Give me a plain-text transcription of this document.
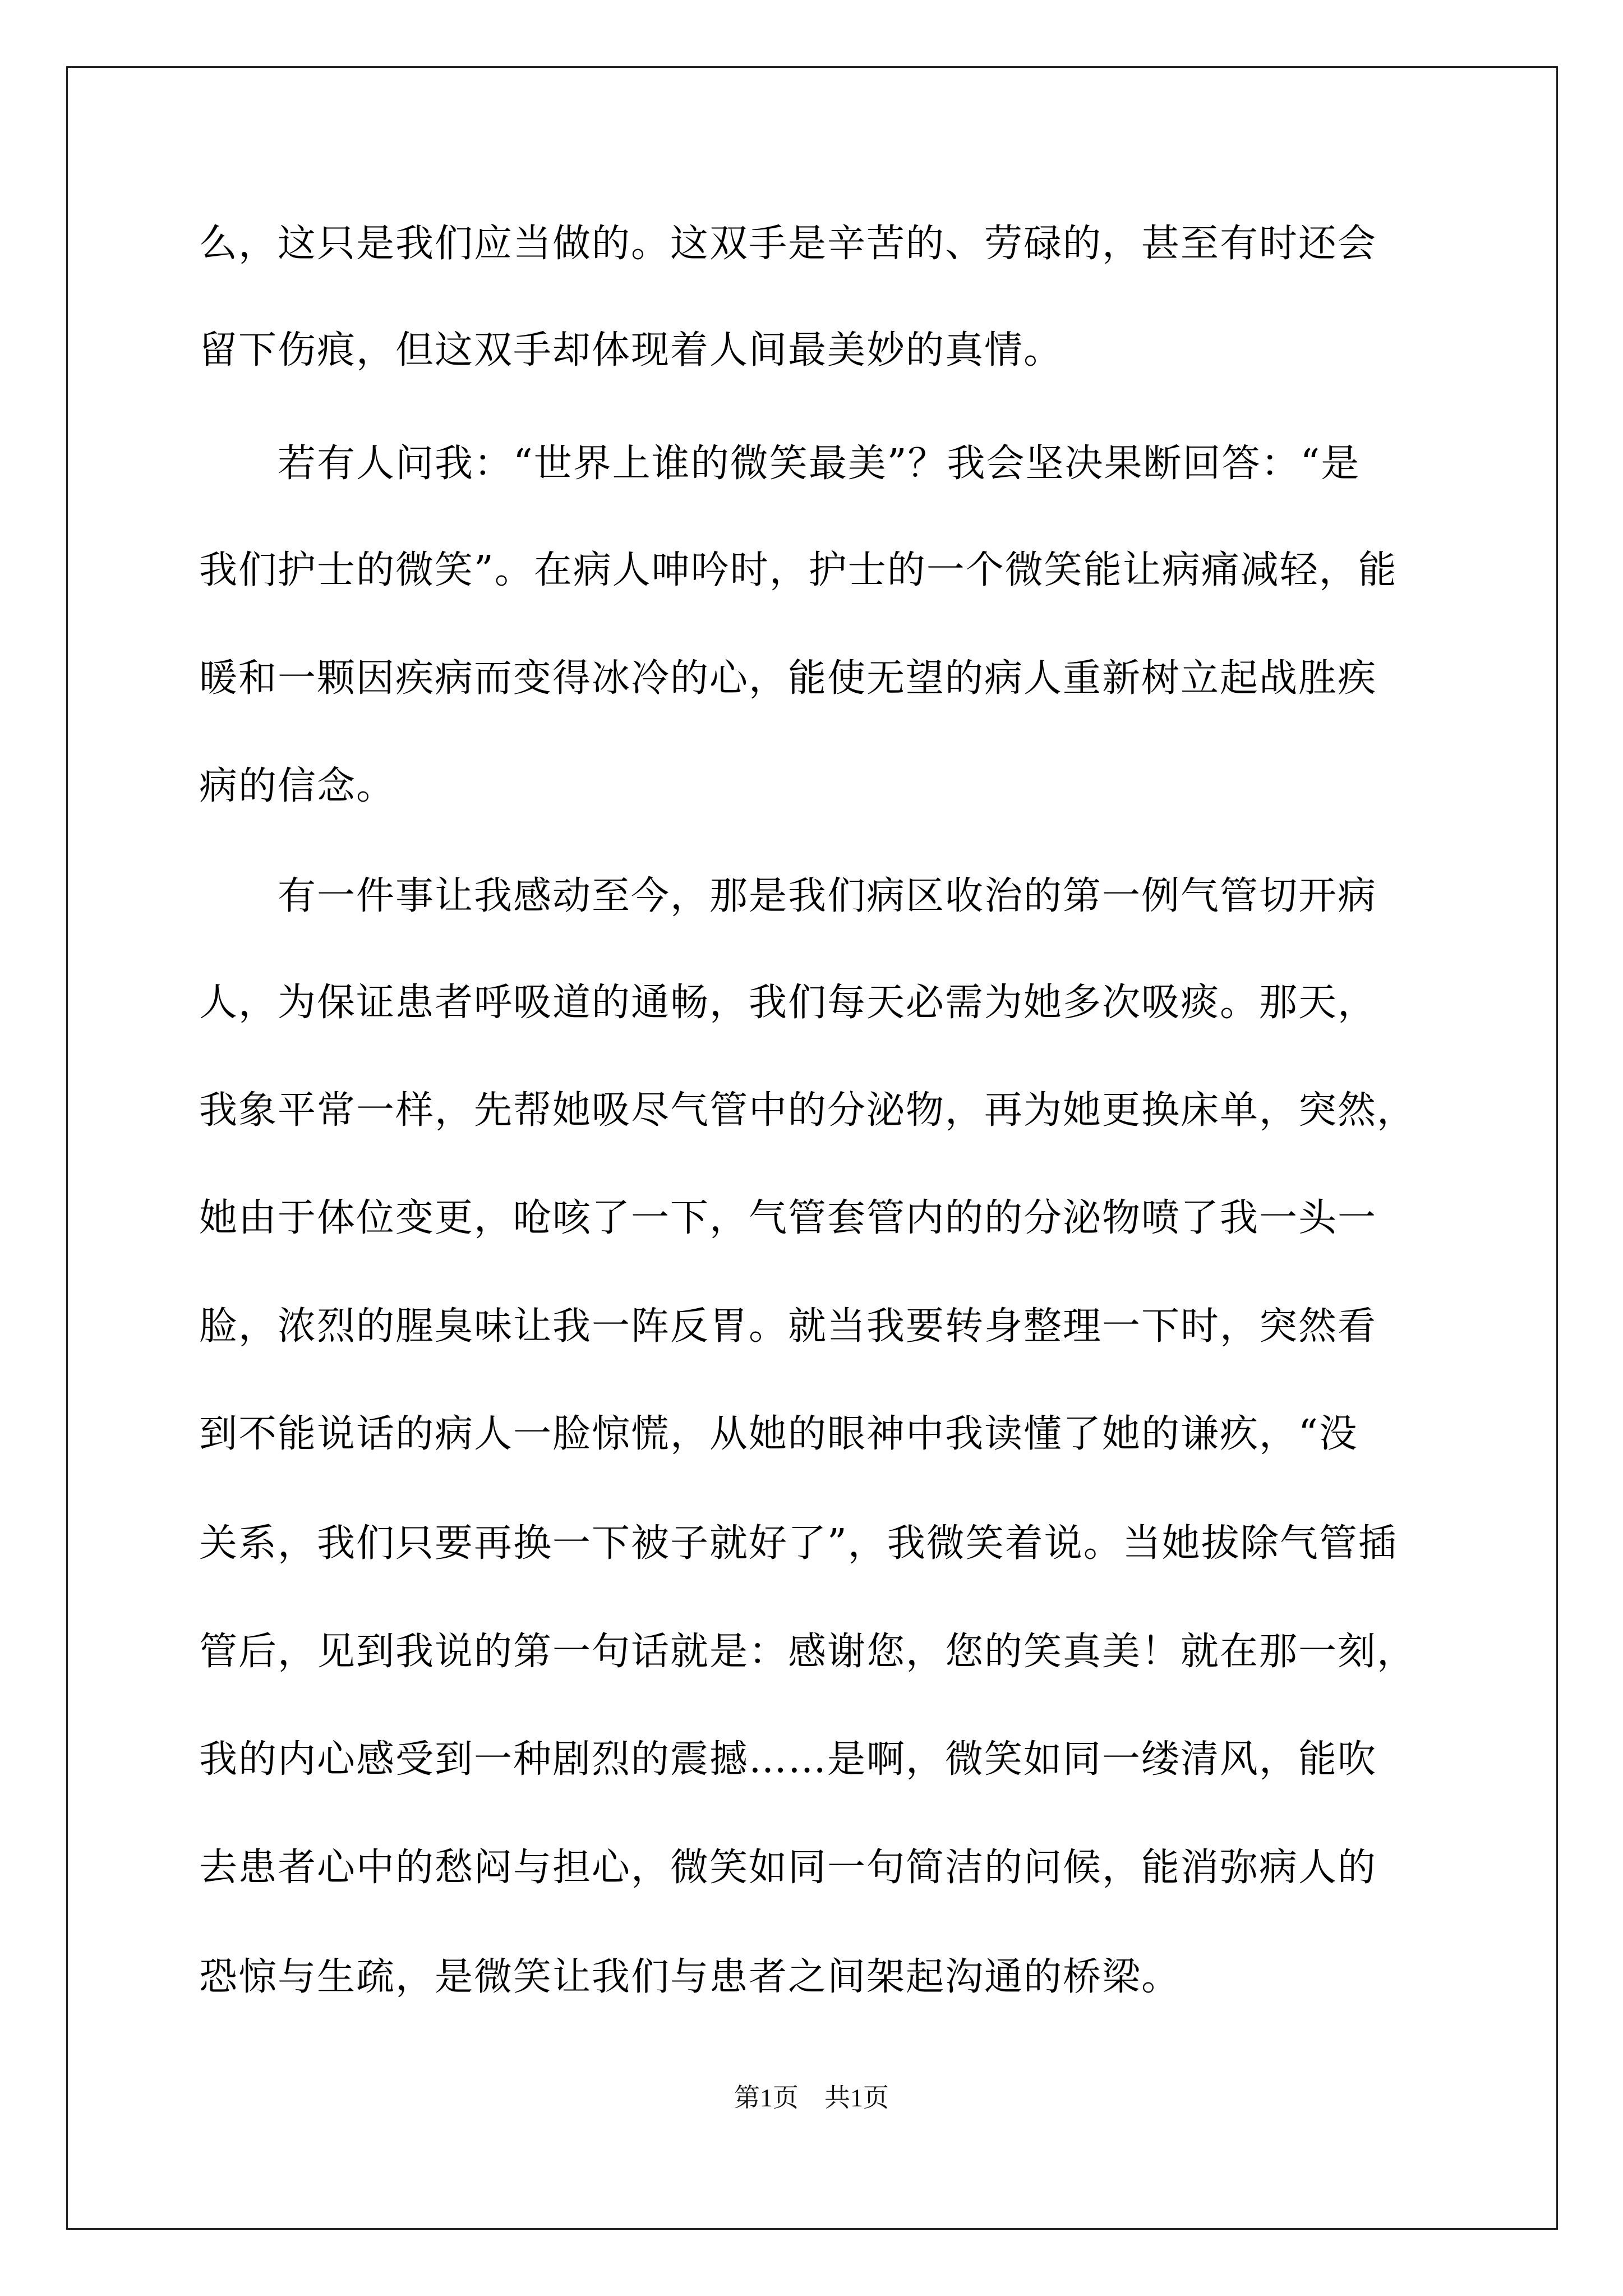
么，这只是我们应当做的。这双手是辛苦的、劳碌的，甚至有时还会
留下伤痕，但这双手却体现着人间最美妙的真情。
　　若有人问我：“世界上谁的微笑最美”？我会坚决果断回答：“是
我们护士的微笑”。在病人呻吟时，护士的一个微笑能让病痛减轻，能
暖和一颗因疾病而变得冰冷的心，能使无望的病人重新树立起战胜疾
病的信念。
　　有一件事让我感动至今，那是我们病区收治的第一例气管切开病
人，为保证患者呼吸道的通畅，我们每天必需为她多次吸痰。那天，
我象平常一样，先帮她吸尽气管中的分泌物，再为她更换床单，突然，
她由于体位变更，呛咳了一下，气管套管内的的分泌物喷了我一头一
脸，浓烈的腥臭味让我一阵反胃。就当我要转身整理一下时，突然看
到不能说话的病人一脸惊慌，从她的眼神中我读懂了她的谦疚，“没
关系，我们只要再换一下被子就好了”，我微笑着说。当她拔除气管插
管后，见到我说的第一句话就是：感谢您，您的笑真美！就在那一刻，
我的内心感受到一种剧烈的震撼……是啊，微笑如同一缕清风，能吹
去患者心中的愁闷与担心，微笑如同一句简洁的问候，能消弥病人的
恐惊与生疏，是微笑让我们与患者之间架起沟通的桥梁。
第1页　共1页
